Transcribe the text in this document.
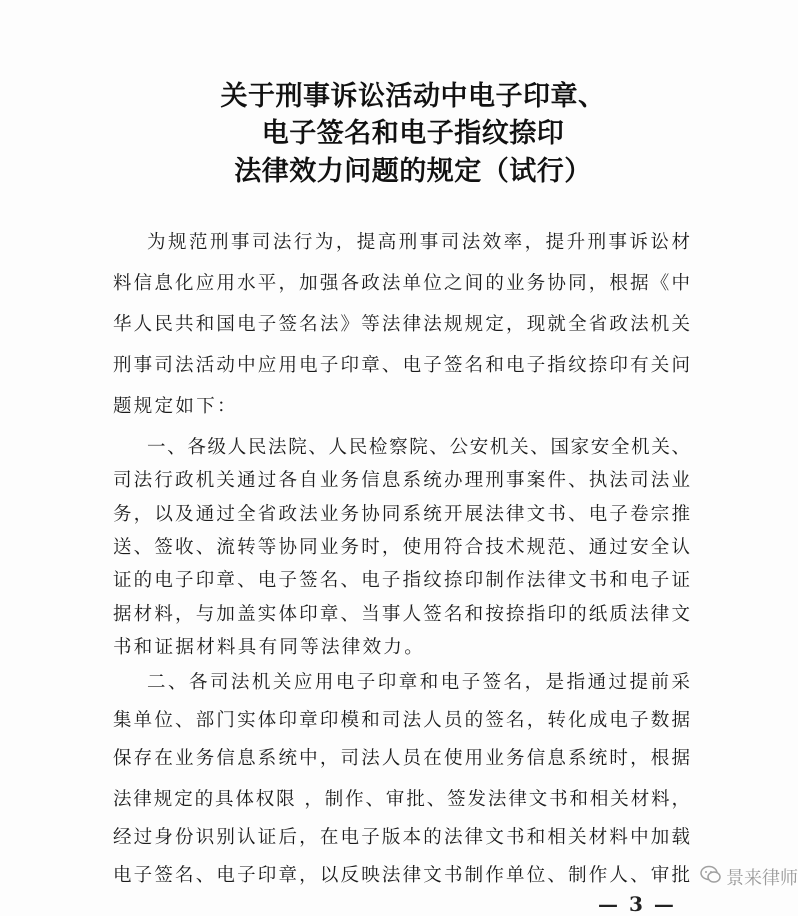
关于刑事诉讼活动中电子印章、
电子签名和电子指纹捺印
法律效力问题的规定（试行）
为规范刑事司法行为，提高刑事司法效率，提升刑事诉讼材
料信息化应用水平，加强各政法单位之间的业务协同，根据《中
华人民共和国电子签名法》等法律法规规定，现就全省政法机关
刑事司法活动中应用电子印章、电子签名和电子指纹捺印有关问
题规定如下：
一、各级人民法院、人民检察院、公安机关、国家安全机关、
司法行政机关通过各自业务信息系统办理刑事案件、执法司法业
务，以及通过全省政法业务协同系统开展法律文书、电子卷宗推
送、签收、流转等协同业务时，使用符合技术规范、通过安全认
证的电子印章、电子签名、电子指纹捺印制作法律文书和电子证
据材料，与加盖实体印章、当事人签名和按捺指印的纸质法律文
书和证据材料具有同等法律效力。
二、各司法机关应用电子印章和电子签名，是指通过提前采
集单位、部门实体印章印模和司法人员的签名，转化成电子数据
保存在业务信息系统中，司法人员在使用业务信息系统时，根据
法律规定的具体权限 ，制作、审批、签发法律文书和相关材料，
经过身份识别认证后，在电子版本的法律文书和相关材料中加载
电子签名、电子印章，以反映法律文书制作单位、制作人、审批 景来律师
— 3 —
